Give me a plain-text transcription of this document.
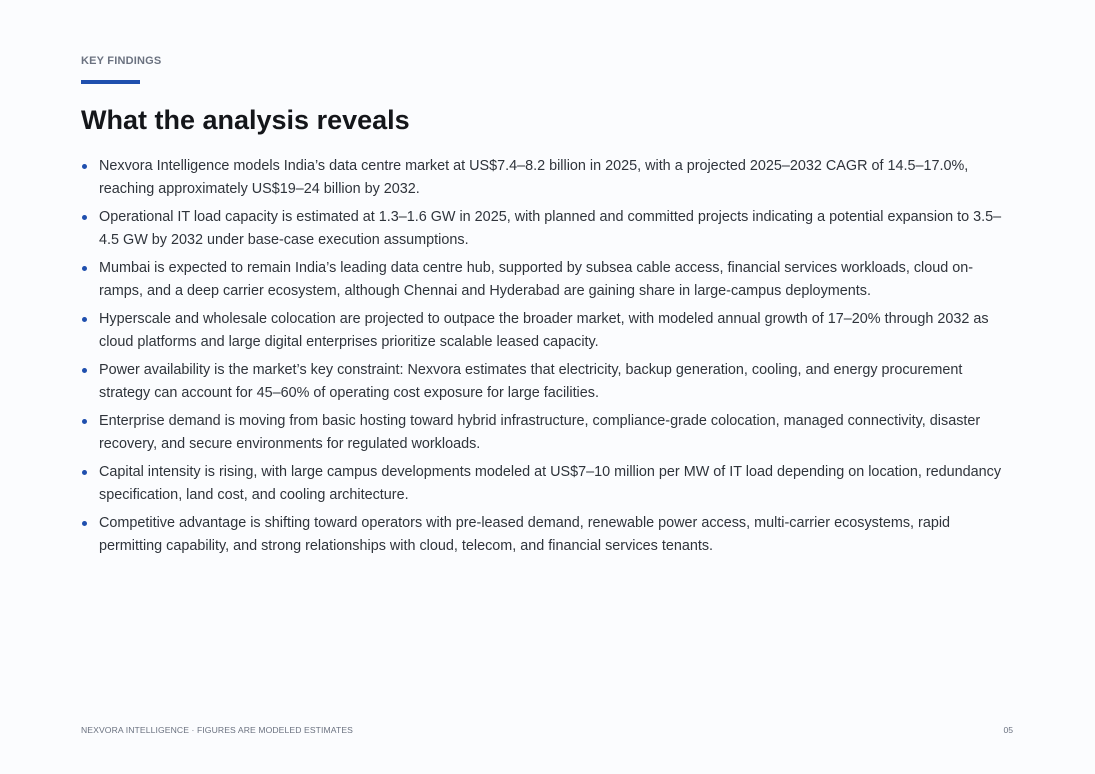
KEY FINDINGS
What the analysis reveals
Nexvora Intelligence models India’s data centre market at US$7.4–8.2 billion in 2025, with a projected 2025–2032 CAGR of 14.5–17.0%, reaching approximately US$19–24 billion by 2032.
Operational IT load capacity is estimated at 1.3–1.6 GW in 2025, with planned and committed projects indicating a potential expansion to 3.5–4.5 GW by 2032 under base-case execution assumptions.
Mumbai is expected to remain India’s leading data centre hub, supported by subsea cable access, financial services workloads, cloud on-ramps, and a deep carrier ecosystem, although Chennai and Hyderabad are gaining share in large-campus deployments.
Hyperscale and wholesale colocation are projected to outpace the broader market, with modeled annual growth of 17–20% through 2032 as cloud platforms and large digital enterprises prioritize scalable leased capacity.
Power availability is the market’s key constraint: Nexvora estimates that electricity, backup generation, cooling, and energy procurement strategy can account for 45–60% of operating cost exposure for large facilities.
Enterprise demand is moving from basic hosting toward hybrid infrastructure, compliance-grade colocation, managed connectivity, disaster recovery, and secure environments for regulated workloads.
Capital intensity is rising, with large campus developments modeled at US$7–10 million per MW of IT load depending on location, redundancy specification, land cost, and cooling architecture.
Competitive advantage is shifting toward operators with pre-leased demand, renewable power access, multi-carrier ecosystems, rapid permitting capability, and strong relationships with cloud, telecom, and financial services tenants.
NEXVORA INTELLIGENCE · FIGURES ARE MODELED ESTIMATES	05
